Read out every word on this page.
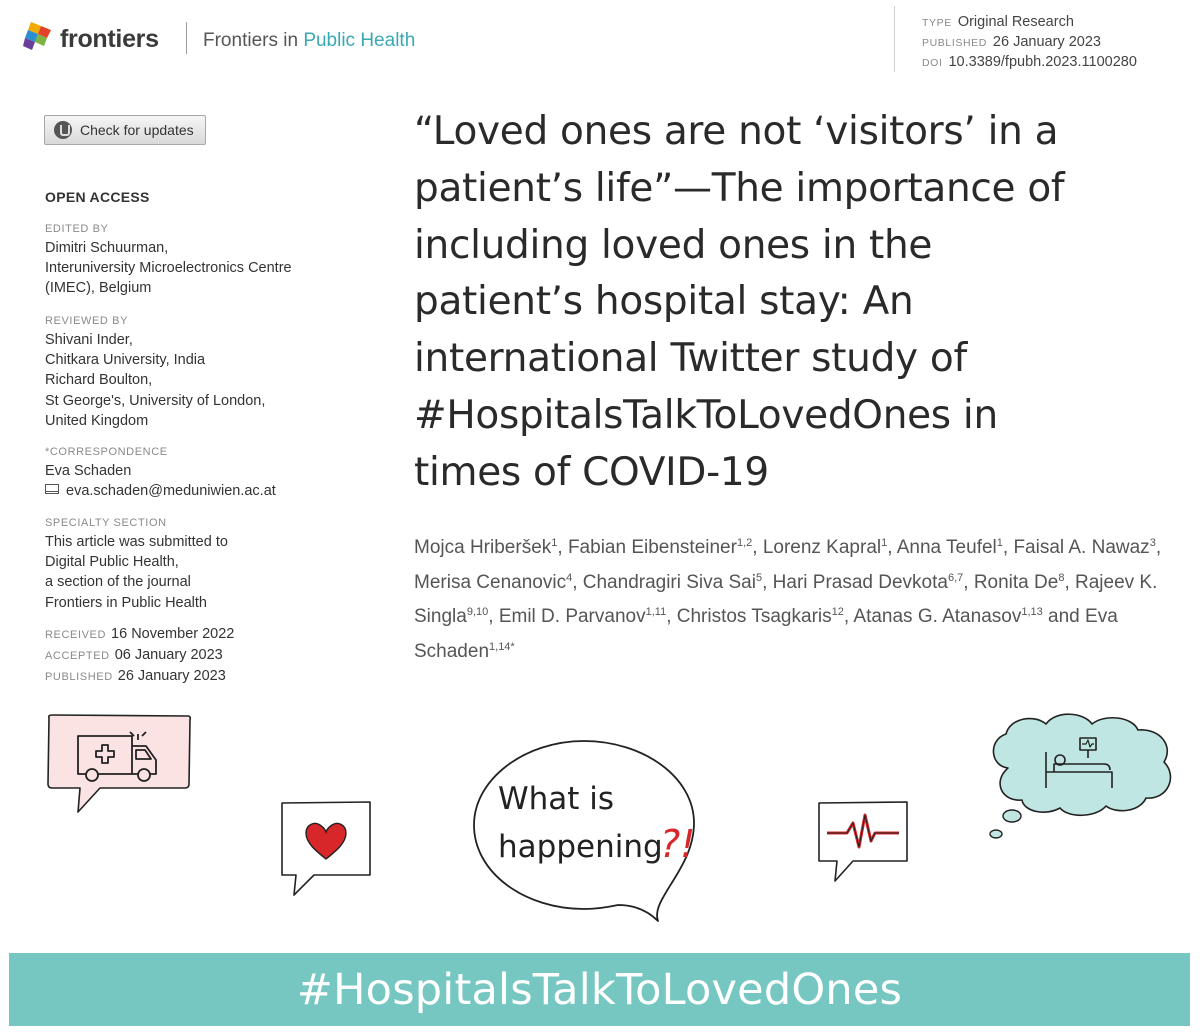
frontiers Frontiers in Public Health
TYPE Original Research
PUBLISHED 26 January 2023
DOI 10.3389/fpubh.2023.1100280
Check for updates
OPEN ACCESS
EDITED BY
Dimitri Schuurman,
Interuniversity Microelectronics Centre
(IMEC), Belgium
REVIEWED BY
Shivani Inder,
Chitkara University, India
Richard Boulton,
St George's, University of London,
United Kingdom
*CORRESPONDENCE
Eva Schaden
eva.schaden@meduniwien.ac.at
SPECIALTY SECTION
This article was submitted to
Digital Public Health,
a section of the journal
Frontiers in Public Health
RECEIVED 16 November 2022
ACCEPTED 06 January 2023
PUBLISHED 26 January 2023
“Loved ones are not ‘visitors’ in a
patient’s life”—The importance of
including loved ones in the
patient’s hospital stay: An
international Twitter study of
#HospitalsTalkToLovedOnes in
times of COVID-19
Mojca Hriberšek$^1$, Fabian Eibensteiner$^{1,2}$, Lorenz Kapral$^1$, Anna Teufel$^1$, Faisal A. Nawaz$^3$, Merisa Cenanovic$^4$, Chandragiri Siva Sai$^5$, Hari Prasad Devkota$^{6,7}$, Ronita De$^8$, Rajeev K. Singla$^{9,10}$, Emil D. Parvanov$^{1,11}$, Christos Tsagkaris$^{12}$, Atanas G. Atanasov$^{1,13}$ and Eva Schaden$^{1,14*}$
What is
happening
?!
#HospitalsTalkToLovedOnes
